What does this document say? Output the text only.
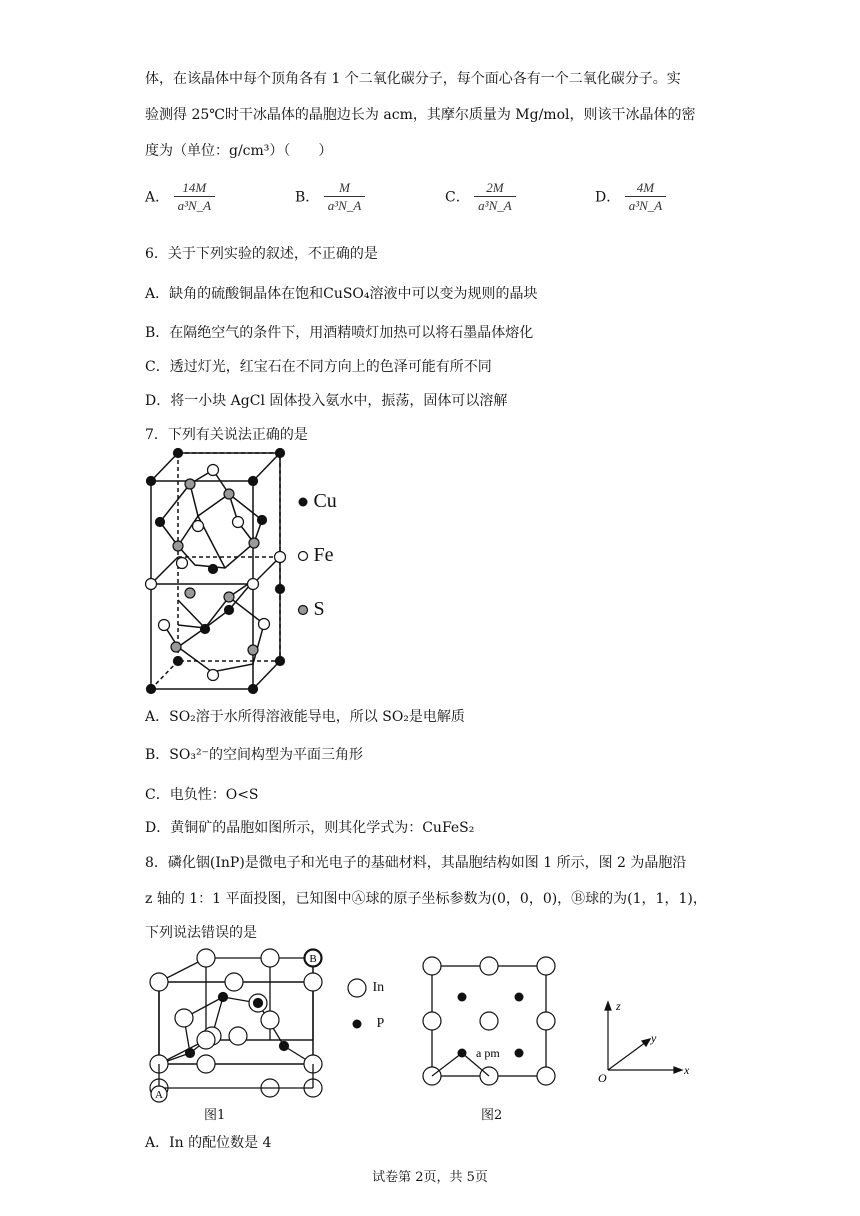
体，在该晶体中每个顶角各有 1 个二氧化碳分子，每个面心各有一个二氧化碳分子。实
验测得 25℃时干冰晶体的晶胞边长为 acm，其摩尔质量为 Mg/mol，则该干冰晶体的密
度为（单位：g/cm³）（　　）
A． $\frac{14M}{\text{a³N\_A}}$	B． $\frac{M}{\text{a³N\_A}}$	C． $\frac{2M}{\text{a³N\_A}}$	D． $\frac{4M}{\text{a³N\_A}}$
6．关于下列实验的叙述，不正确的是
A．缺角的硫酸铜晶体在饱和CuSO₄溶液中可以变为规则的晶块
B．在隔绝空气的条件下，用酒精喷灯加热可以将石墨晶体熔化
C．透过灯光，红宝石在不同方向上的色泽可能有所不同
D．将一小块 AgCl 固体投入氨水中，振荡，固体可以溶解
7．下列有关说法正确的是
Cu
Fe
S
A．SO₂溶于水所得溶液能导电，所以 SO₂是电解质
B．SO₃²⁻的空间构型为平面三角形
C．电负性：O<S
D．黄铜矿的晶胞如图所示，则其化学式为：CuFeS₂
8．磷化铟(InP)是微电子和光电子的基础材料，其晶胞结构如图 1 所示，图 2 为晶胞沿
z 轴的 1：1 平面投图，已知图中Ⓐ球的原子坐标参数为(0，0，0)，Ⓑ球的为(1，1，1)，
下列说法错误的是
A
B
图1
In
P
a pm
图2
z
y
x
O
A．In 的配位数是 4
试卷第 2页，共 5页
